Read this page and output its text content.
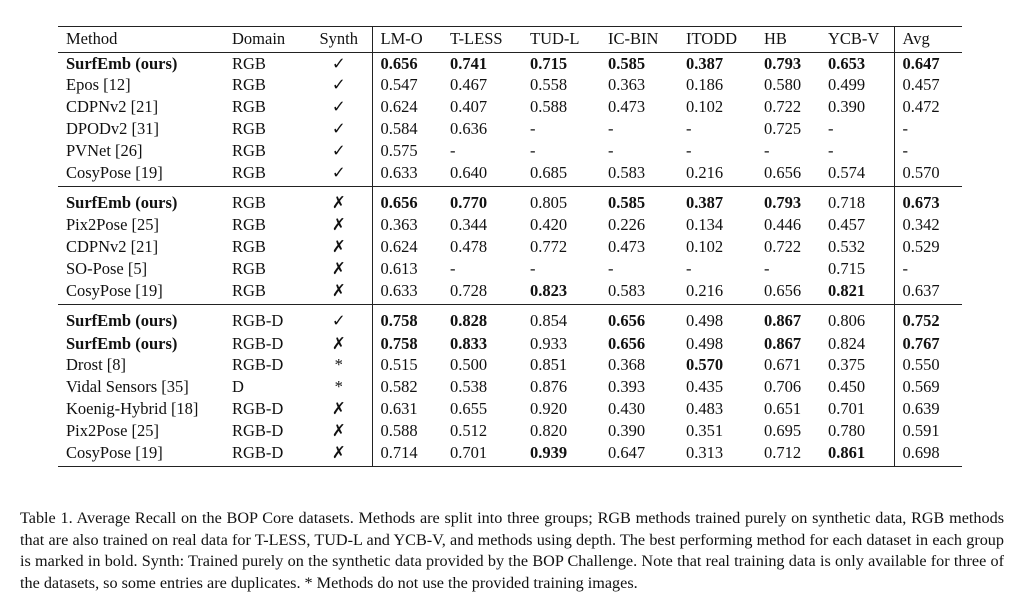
Method	Domain	Synth	LM-O	T-LESS	TUD-L	IC-BIN	ITODD	HB	YCB-V	Avg
SurfEmb (ours)	RGB	✓	0.656	0.741	0.715	0.585	0.387	0.793	0.653	0.647
Epos [12]	RGB	✓	0.547	0.467	0.558	0.363	0.186	0.580	0.499	0.457
CDPNv2 [21]	RGB	✓	0.624	0.407	0.588	0.473	0.102	0.722	0.390	0.472
DPODv2 [31]	RGB	✓	0.584	0.636	-	-	-	0.725	-	-
PVNet [26]	RGB	✓	0.575	-	-	-	-	-	-	-
CosyPose [19]	RGB	✓	0.633	0.640	0.685	0.583	0.216	0.656	0.574	0.570
SurfEmb (ours)	RGB	✗	0.656	0.770	0.805	0.585	0.387	0.793	0.718	0.673
Pix2Pose [25]	RGB	✗	0.363	0.344	0.420	0.226	0.134	0.446	0.457	0.342
CDPNv2 [21]	RGB	✗	0.624	0.478	0.772	0.473	0.102	0.722	0.532	0.529
SO-Pose [5]	RGB	✗	0.613	-	-	-	-	-	0.715	-
CosyPose [19]	RGB	✗	0.633	0.728	0.823	0.583	0.216	0.656	0.821	0.637
SurfEmb (ours)	RGB-D	✓	0.758	0.828	0.854	0.656	0.498	0.867	0.806	0.752
SurfEmb (ours)	RGB-D	✗	0.758	0.833	0.933	0.656	0.498	0.867	0.824	0.767
Drost [8]	RGB-D	*	0.515	0.500	0.851	0.368	0.570	0.671	0.375	0.550
Vidal Sensors [35]	D	*	0.582	0.538	0.876	0.393	0.435	0.706	0.450	0.569
Koenig-Hybrid [18]	RGB-D	✗	0.631	0.655	0.920	0.430	0.483	0.651	0.701	0.639
Pix2Pose [25]	RGB-D	✗	0.588	0.512	0.820	0.390	0.351	0.695	0.780	0.591
CosyPose [19]	RGB-D	✗	0.714	0.701	0.939	0.647	0.313	0.712	0.861	0.698
Table 1. Average Recall on the BOP Core datasets. Methods are split into three groups; RGB methods trained purely on synthetic data, RGB methods that are also trained on real data for T-LESS, TUD-L and YCB-V, and methods using depth. The best performing method for each dataset in each group is marked in bold. Synth: Trained purely on the synthetic data provided by the BOP Challenge. Note that real training data is only available for three of the datasets, so some entries are duplicates. * Methods do not use the provided training images.
